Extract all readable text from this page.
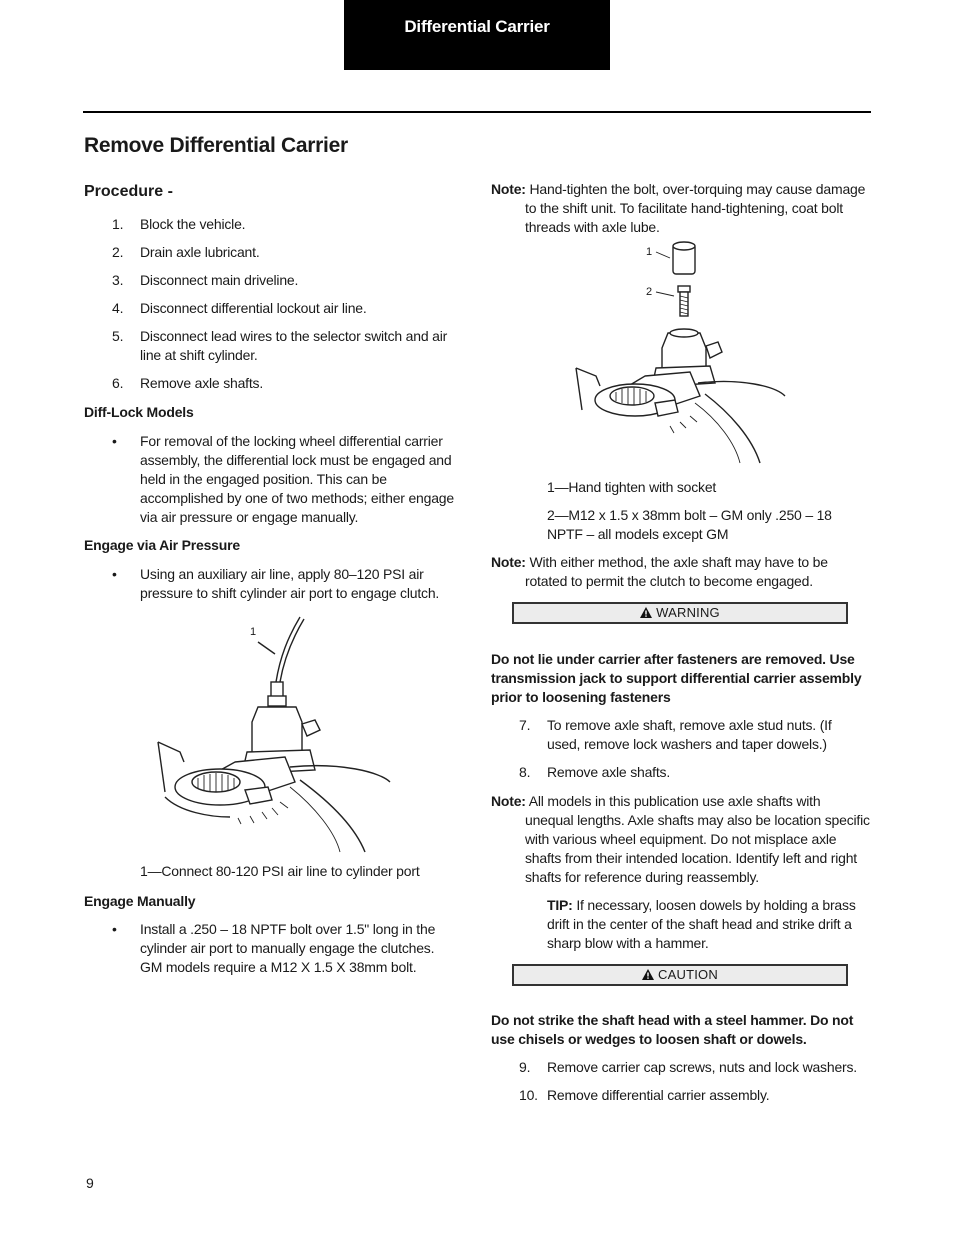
Differential Carrier
Remove Differential Carrier
Procedure -
1.	Block the vehicle.
2.	Drain axle lubricant.
3.	Disconnect main driveline.
4.	Disconnect differential lockout air line.
5.	Disconnect lead wires to the selector switch and air line at shift cylinder.
6.	Remove axle shafts.
Diff-Lock Models
•	For removal of the locking wheel differential carrier assembly, the differential lock must be engaged and held in the engaged position. This can be accomplished by one of two methods; either engage via air pressure or engage manually.
Engage via Air Pressure
•	Using an auxiliary air line, apply 80–120 PSI air pressure to shift cylinder air port to engage clutch.
1
1—Connect 80-120 PSI air line to cylinder port
Engage Manually
•	Install a .250 – 18 NPTF bolt over 1.5" long in the cylinder air port to manually engage the clutches. GM models require a M12 X 1.5 X 38mm bolt.
Note: Hand-tighten the bolt, over-torquing may cause damage to the shift unit. To facilitate hand-tightening, coat bolt threads with axle lube.
1
2
1—Hand tighten with socket
2—M12 x 1.5 x 38mm bolt – GM only .250 – 18 NPTF – all models except GM
Note: With either method, the axle shaft may have to be rotated to permit the clutch to become engaged.
WARNING
Do not lie under carrier after fasteners are removed. Use transmission jack to support differential carrier assembly prior to loosening fasteners
7.	To remove axle shaft, remove axle stud nuts. (If used, remove lock washers and taper dowels.)
8.	Remove axle shafts.
Note: All models in this publication use axle shafts with unequal lengths. Axle shafts may also be location specific with various wheel equipment. Do not misplace axle shafts from their intended location. Identify left and right shafts for reference during reassembly.
TIP: If necessary, loosen dowels by holding a brass drift in the center of the shaft head and strike drift a sharp blow with a hammer.
CAUTION
Do not strike the shaft head with a steel hammer. Do not use chisels or wedges to loosen shaft or dowels.
9.	Remove carrier cap screws, nuts and lock washers.
10. Remove differential carrier assembly.
9
